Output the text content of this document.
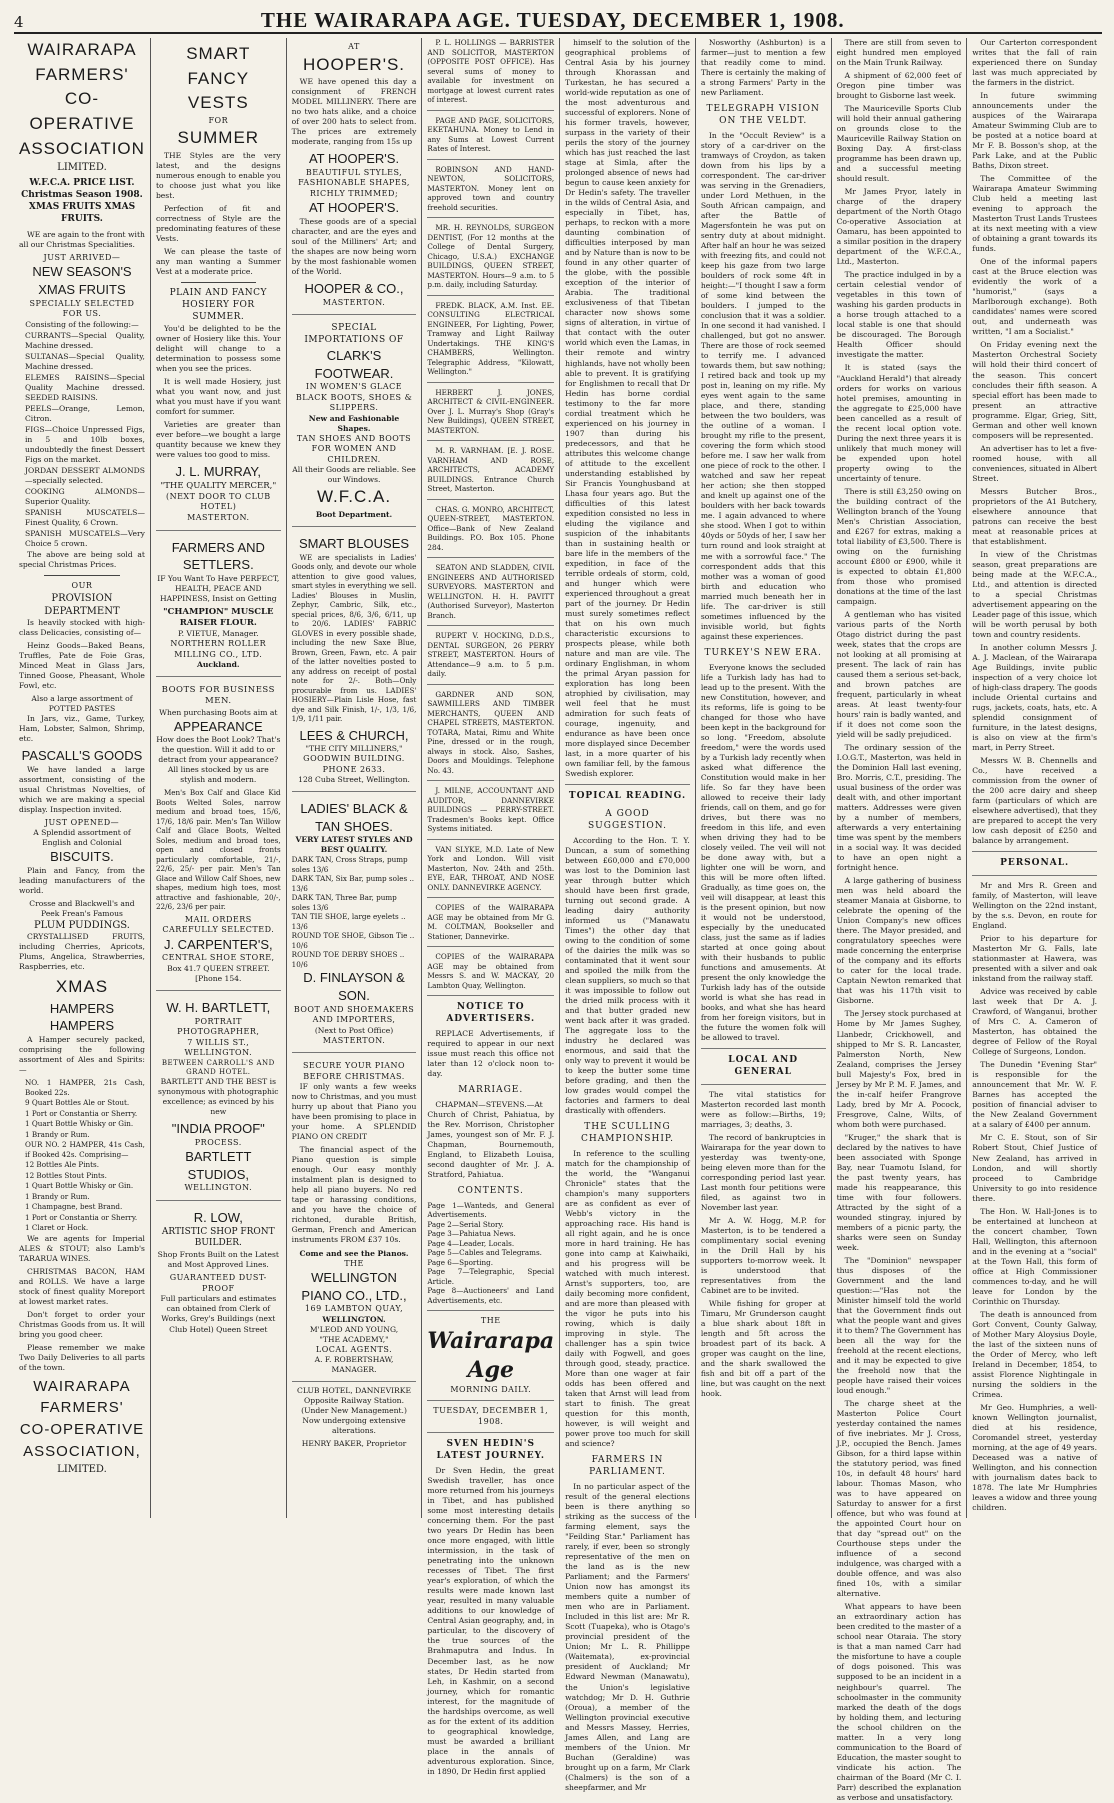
4	THE WAIRARAPA AGE. TUESDAY, DECEMBER 1, 1908.
WAIRARAPA
FARMERS'
CO-OPERATIVE
ASSOCIATION
LIMITED.
W.F.C.A. PRICE LIST.
Christmas Season 1908.
XMAS FRUITS XMAS FRUITS.

WE are again to the front with all our Christmas Specialities.

JUST ARRIVED—
NEW SEASON'S XMAS FRUITS
SPECIALLY SELECTED FOR US.
Consisting of the following:—
CURRANTS—Special Quality, Machine dressed.
SULTANAS—Special Quality, Machine dressed.
ELEMES RAISINS—Special Quality Machine dressed. SEEDED RAISINS.
PEELS—Orange, Lemon, Citron.
FIGS—Choice Unpressed Figs, in 5 and 10lb boxes, undoubtedly the finest Dessert Figs on the market.
JORDAN DESSERT ALMONDS—specially selected.
COOKING ALMONDS—Superior Quality.
SPANISH MUSCATELS—Finest Quality, 6 Crown.
SPANISH MUSCATELS—Very Choice 5 crown.

The above are being sold at special Christmas Prices.

OUR
PROVISION DEPARTMENT

Is heavily stocked with high-class Delicacies, consisting of—

Heinz Goods—Baked Beans, Truffles, Pate de Foie Gras, Minced Meat in Glass Jars, Tinned Goose, Pheasant, Whole Fowl, etc.

Also a large assortment of POTTED PASTES

In Jars, viz., Game, Turkey, Ham, Lobster, Salmon, Shrimp, etc.

PASCALL'S GOODS

We have landed a large assortment, consisting of the usual Christmas Novelties, of which we are making a special display. Inspection invited.

JUST OPENED—
A Splendid assortment of English and Colonial
BISCUITS.

Plain and Fancy, from the leading manufacturers of the world.

Crosse and Blackwell's and Peek Frean's Famous
PLUM PUDDINGS.

CRYSTALLISED FRUITS, including Cherries, Apricots, Plums, Angelica, Strawberries, Raspberries, etc.

XMAS
HAMPERS HAMPERS

A Hamper securely packed, comprising the following assortment of Ales and Spirits:—

NO. 1 HAMPER, 21s Cash, Booked 22s.
9 Quart Bottles Ale or Stout.
1 Port or Constantia or Sherry.
1 Quart Bottle Whisky or Gin.
1 Brandy or Rum.
OUR NO. 2 HAMPER, 41s Cash, if Booked 42s. Comprising—
12 Bottles Ale Pints.
12 Bottles Stout Pints.
1 Quart Bottle Whisky or Gin.
1 Brandy or Rum.
1 Champagne, best Brand.
1 Port or Constantia or Sherry.
1 Claret or Hock.

We are agents for Imperial ALES & STOUT; also Lamb's TARARUA WINES.

CHRISTMAS BACON, HAM and ROLLS. We have a large stock of finest quality Moreport at lowest market rates.

Don't forget to order your Christmas Goods from us. It will bring you good cheer.

Please remember we make Two Daily Deliveries to all parts of the town.

WAIRARAPA
FARMERS'
CO-OPERATIVE
ASSOCIATION,
LIMITED.
SMART
FANCY
VESTS
FOR
SUMMER

THE Styles are the very latest, and the designs numerous enough to enable you to choose just what you like best.

Perfection of fit and correctness of Style are the predominating features of these Vests.

We can please the taste of any man wanting a Summer Vest at a moderate price.

PLAIN AND FANCY
HOSIERY FOR SUMMER.

You'd be delighted to be the owner of Hosiery like this. Your delight will change to a determination to possess some when you see the prices.

It is well made Hosiery, just what you want now, and just what you must have if you want comfort for summer.

Varieties are greater than ever before—we bought a large quantity because we knew they were values too good to miss.

J. L. MURRAY,
"THE QUALITY MERCER,"
(NEXT DOOR TO CLUB HOTEL)
MASTERTON.
FARMERS AND SETTLERS.

IF You Want To Have PERFECT, HEALTH, PEACE AND HAPPINESS, Insist on Getting

"CHAMPION" MUSCLE RAISER FLOUR.
P. VIETUE, Manager.
NORTHERN ROLLER MILLING CO., LTD.
Auckland.
BOOTS FOR BUSINESS MEN.
When purchasing Boots aim at
APPEARANCE

How does the Boot Look? That's the question. Will it add to or detract from your appearance? All lines stocked by us are stylish and modern.

Men's Box Calf and Glace Kid Boots Welted Soles, narrow medium and broad toes, 15/6, 17/6, 18/6 pair. Men's Tan Willow Calf and Glace Boots, Welted Soles, medium and broad toes, open and closed fronts particularly comfortable, 21/-, 22/6, 25/- per pair. Men's Tan Glace and Willow Calf Shoes, new shapes, medium high toes, most attractive and fashionable, 20/-, 22/6, 23/6 per pair.

MAIL ORDERS CAREFULLY SELECTED.
J. CARPENTER'S,
CENTRAL SHOE STORE,
Box 41.7 QUEEN STREET. [Phone 154.
W. H. BARTLETT,
PORTRAIT PHOTOGRAPHER,
7 WILLIS ST., WELLINGTON.
BETWEEN CARROLL'S AND GRAND HOTEL.

BARTLETT AND THE BEST is synonymous with photographic excellence; as evinced by his new

"INDIA PROOF"
PROCESS.
BARTLETT STUDIOS,
WELLINGTON.
R. LOW,
ARTISTIC SHOP FRONT BUILDER.

Shop Fronts Built on the Latest and Most Approved Lines.

GUARANTEED DUST-PROOF

Full particulars and estimates can obtained from Clerk of Works, Grey's Buildings (next Club Hotel) Queen Street

AT
HOOPER'S.

WE have opened this day a consignment of FRENCH MODEL MILLINERY. There are no two hats alike, and a choice of over 200 hats to select from. The prices are extremely moderate, ranging from 15s up

AT HOOPER'S.
BEAUTIFUL STYLES, FASHIONABLE SHAPES, RICHLY TRIMMED;
AT HOOPER'S.

These goods are of a special character, and are the eyes and soul of the Milliners' Art; and the shapes are now being worn by the most fashionable women of the World.

HOOPER & CO.,
MASTERTON.
SPECIAL IMPORTATIONS OF
CLARK'S FOOTWEAR.
IN WOMEN'S GLACE BLACK BOOTS, SHOES & SLIPPERS.
New and Fashionable Shapes.
TAN SHOES AND BOOTS FOR WOMEN AND CHILDREN.
All their Goods are reliable. See our Windows.
W.F.C.A.
Boot Department.
SMART BLOUSES

WE are specialists in Ladies' Goods only, and devote our whole attention to give good values, smart styles in everything we sell. Ladies' Blouses in Muslin, Zephyr, Cambric, Silk, etc., special prices, 8/6, 3/6, 6/11, up to 20/6. LADIES' FABRIC GLOVES in every possible shade, including the new Saxe Blue, Brown, Green, Fawn, etc. A pair of the latter novelties posted to any address on receipt of postal note for 2/-. Both—Only procurable from us. LADIES' HOSIERY—Plain Lisle Hose, fast dye and Silk Finish, 1/-, 1/3, 1/6, 1/9, 1/11 pair.

LEES & CHURCH,
"THE CITY MILLINERS,"
GOODWIN BUILDING. PHONE 2633.
128 Cuba Street, Wellington.
LADIES' BLACK & TAN SHOES.
VERY LATEST STYLES AND BEST QUALITY.
DARK TAN, Cross Straps, pump soles 13/6
DARK TAN, Six Bar, pump soles .. 13/6
DARK TAN, Three Bar, pump soles 13/6
TAN TIE SHOE, large eyelets .. 13/6
ROUND TOE SHOE, Gibson Tie .. 10/6
ROUND TOE DERBY SHOES .. 10/6
D. FINLAYSON & SON.
BOOT AND SHOEMAKERS AND IMPORTERS,
(Next to Post Office)
MASTERTON.
SECURE YOUR PIANO BEFORE CHRISTMAS.

IF only wants a few weeks now to Christmas, and you must hurry up about that Piano you have been promising to place in your home. A SPLENDID PIANO ON CREDIT

The financial aspect of the Piano question is simple enough. Our easy monthly instalment plan is designed to help all piano buyers. No red tape or harassing conditions, and you have the choice of richtoned, durable British, German, French and American instruments FROM £37 10s.

Come and see the Pianos.
THE
WELLINGTON PIANO CO., LTD.,
169 LAMBTON QUAY,
WELLINGTON.
M'LEOD AND YOUNG,
"THE ACADEMY,"
LOCAL AGENTS.
A. F. ROBERTSHAW, MANAGER.

CLUB HOTEL, DANNEVIRKE Opposite Railway Station. (Under New Management.) Now undergoing extensive alterations.

HENRY BAKER, Proprietor

P. L. HOLLINGS — BARRISTER AND SOLICITOR, MASTERTON (OPPOSITE POST OFFICE). Has several sums of money to available for investment on mortgage at lowest current rates of interest.

PAGE AND PAGE, SOLICITORS, EKETAHUNA. Money to Lend in any Sums at Lowest Current Rates of Interest.

ROBINSON AND HAND-NEWTON, SOLICITORS, MASTERTON. Money lent on approved town and country freehold securities.

MR. H. REYNOLDS, SURGEON DENTIST, (For 12 months at the College of Dental Surgery, Chicago, U.S.A.) EXCHANGE BUILDINGS, QUEEN STREET, MASTERTON. Hours—9 a.m. to 5 p.m. daily, including Saturday.

FREDK. BLACK, A.M. Inst. EE. CONSULTING ELECTRICAL ENGINEER, For Lighting, Power, Tramway and Light Railway Undertakings. THE KING'S CHAMBERS, Wellington. Telegraphic Address, "Kilowatt, Wellington."

HERBERT J. JONES, ARCHITECT & CIVIL-ENGINEER. Over J. L. Murray's Shop (Gray's New Buildings), QUEEN STREET, MASTERTON.

M. R. VARNHAM. [E. J. ROSE. VARNHAM AND ROSE, ARCHITECTS, ACADEMY BUILDINGS. Entrance Church Street, Masterton.

CHAS. G. MONRO, ARCHITECT, QUEEN-STREET, MASTERTON. Office—Bank of New Zealand Buildings. P.O. Box 105. Phone 284.

SEATON AND SLADDEN, CIVIL ENGINEERS AND AUTHORISED SURVEYORS. MASTERTON and WELLINGTON. H. H. PAVITT (Authorised Surveyor), Masterton Branch.

RUPERT V. HOCKING, D.D.S., DENTAL SURGEON, 26 PERRY STREET, MASTERTON. Hours of Attendance—9 a.m. to 5 p.m. daily.

GARDNER AND SON, SAWMILLERS AND TIMBER MERCHANTS, QUEEN AND CHAPEL STREETS, MASTERTON. TOTARA, Matai, Rimu and White Pine, dressed or in the rough, always in stock. Also, Sashes, Doors and Mouldings. Telephone No. 43.

J. MILNE, ACCOUNTANT AND AUDITOR, DANNEVIRKE BUILDINGS — PERRY-STREET. Tradesmen's Books kept. Office Systems initiated.

VAN SLYKE, M.D. Late of New York and London. Will visit Masterton, Nov. 24th and 25th. EYE, EAR, THROAT, AND NOSE ONLY. DANNEVIRKE AGENCY.

COPIES of the WAIRARAPA AGE may be obtained from Mr G. M. COLTMAN, Bookseller and Stationer, Dannevirke.

COPIES of the WAIRARAPA AGE may be obtained from Messrs S. and W. MACKAY, 20 Lambton Quay, Wellington.

NOTICE TO ADVERTISERS.

REPLACE Advertisements, if required to appear in our next issue must reach this office not later than 12 o'clock noon to-day.

MARRIAGE.

CHAPMAN—STEVENS.—At Church of Christ, Pahiatua, by the Rev. Morrison, Christopher James, youngest son of Mr. F. J. Chapman, Bournemouth, England, to Elizabeth Louisa, second daughter of Mr. J. A. Stratford, Pahiatua.

CONTENTS.
Page 1—Wanteds, and General Advertisements.
Page 2—Serial Story.
Page 3—Pahiatua News.
Page 4—Leader, Locals.
Page 5—Cables and Telegrams.
Page 6—Sporting.
Page 7—Telegraphic, Special Article.
Page 8—Auctioneers' and Land Advertisements, etc.
THE
Wairarapa Age
MORNING DAILY.
TUESDAY, DECEMBER 1, 1908.
SVEN HEDIN'S LATEST JOURNEY.

Dr Sven Hedin, the great Swedish traveller, has once more returned from his journeys in Tibet, and has published some most interesting details concerning them. For the past two years Dr Hedin has been once more engaged, with little intermission, in the task of penetrating into the unknown recesses of Tibet. The first year's exploration, of which the results were made known last year, resulted in many valuable additions to our knowledge of Central Asian geography, and, in particular, to the discovery of the true sources of the Brahmaputra and Indus. In December last, as he now states, Dr Hedin started from Leh, in Kashmir, on a second journey, which for romantic interest, for the magnitude of the hardships overcome, as well as for the extent of its addition to geographical knowledge, must be awarded a brilliant place in the annals of adventurous exploration. Since, in 1890, Dr Hedin first applied

himself to the solution of the geographical problems of Central Asia by his journey through Khorassan and Turkestan, he has secured a world-wide reputation as one of the most adventurous and successful of explorers. None of his former travels, however, surpass in the variety of their perils the story of the journey which has just reached the last stage at Simla, after the prolonged absence of news had begun to cause keen anxiety for Dr Hedin's safety. The traveller in the wilds of Central Asia, and especially in Tibet, has, perhaps, to reckon with a more daunting combination of difficulties interposed by man and by Nature than is now to be found in any other quarter of the globe, with the possible exception of the interior of Arabia. The traditional exclusiveness of that Tibetan character now shows some signs of alteration, in virtue of that contact with the outer world which even the Lamas, in their remote and wintry highlands, have not wholly been able to prevent. It is gratifying for Englishmen to recall that Dr Hedin has borne cordial testimony to the far more cordial treatment which he experienced on his journey in 1907 than during his predecessors, and that he attributes this welcome change of attitude to the excellent understanding established by Sir Francis Younghusband at Lhasa four years ago. But the difficulties of this latest expedition consisted no less in eluding the vigilance and suspicion of the inhabitants than in sustaining health or bare life in the members of the expedition, in face of the terrible ordeals of storm, cold, and hunger which were experienced throughout a great part of the journey. Dr Hedin must surely sometimes reflect that on his own much characteristic excursions to prospects please, while both nature and man are vile. The ordinary Englishman, in whom the primal Aryan passion for exploration has long been atrophied by civilisation, may well feel that he must admiration for such feats of courage, ingenuity, and endurance as have been once more displayed since December last, in a more quarter of his own familiar fell, by the famous Swedish explorer.

TOPICAL READING.
A GOOD SUGGESTION.

According to the Hon. T. Y. Duncan, a sum of something between £60,000 and £70,000 was lost to the Dominion last year through butter which should have been first grade, turning out second grade. A leading dairy authority informed us ("Manawatu Times") the other day that owing to the condition of some of the dairies the milk was so contaminated that it went sour and spoiled the milk from the clean suppliers, so much so that it was impossible to follow out the dried milk process with it and that butter graded new went back after it was graded. The aggregate loss to the industry he declared was enormous, and said that the only way to prevent it would be to keep the butter some time before grading, and then the low grades would compel the factories and farmers to deal drastically with offenders.

THE SCULLING CHAMPIONSHIP.

In reference to the sculling match for the championship of the world, the "Wanganui Chronicle" states that the champion's many supporters are as confident as ever of Webb's victory in the approaching race. His hand is all right again, and he is once more in hard training. He has gone into camp at Kaiwhaiki, and his progress will be watched with much interest. Arnst's supporters, too, are daily becoming more confident, and are more than pleased with the vigor he puts into his rowing, which is daily improving in style. The challenger has a spin twice daily with Fogwell, and goes through good, steady, practice. More than one wager at fair odds has been offered and taken that Arnst will lead from start to finish. The great question for this month, however, is will weight and power prove too much for skill and science?

FARMERS IN PARLIAMENT.

In no particular aspect of the result of the general elections been is there anything so striking as the success of the farming element, says the "Feilding Star." Parliament has rarely, if ever, been so strongly representative of the men on the land as is the new Parliament; and the Farmers' Union now has amongst its members quite a number of men who are in Parliament. Included in this list are: Mr R. Scott (Tuapeka), who is Otago's provincial president of the Union; Mr L. R. Phillippe (Waitemata), ex-provincial president of Auckland; Mr Edward Newman (Manawatu), the Union's legislative watchdog; Mr D. H. Guthrie (Oroua), a member of the Wellington provincial executive and Messrs Massey, Herries, James Allen, and Lang are members of the Union. Mr Buchan (Geraldine) was brought up on a farm, Mr Clark (Chalmers) is the son of a sheepfarmer, and Mr

Nosworthy (Ashburton) is a farmer—just to mention a few that readily come to mind. There is certainly the making of a strong Farmers' Party in the new Parliament.

TELEGRAPH VISION ON THE VELDT.

In the "Occult Review" is a story of a car-driver on the tramways of Croydon, as taken down from his lips by a correspondent. The car-driver was serving in the Grenadiers, under Lord Methuen, in the South African campaign, and after the Battle of Magersfontein he was put on sentry duty at about midnight. After half an hour he was seized with freezing fits, and could not keep his gaze from two large boulders of rock some 4ft in height:—"I thought I saw a form of some kind between the boulders. I jumped to the conclusion that it was a soldier. In one second it had vanished. I challenged, but got no answer. There are those of rock seemed to terrify me. I advanced towards them, but saw nothing; I retired back and took up my post in, leaning on my rifle. My eyes went again to the same place, and there, standing between the two boulders, was the outline of a woman. I brought my rifle to the present, covering the form which stood before me. I saw her walk from one piece of rock to the other. I watched and saw her repeat her action; she then stopped and knelt up against one of the boulders with her back towards me. I again advanced to where she stood. When I got to within 40yds or 50yds of her, I saw her turn round and look straight at me with a sorrowful face." The correspondent adds that this mother was a woman of good birth and education who married much beneath her in life. The car-driver is still sometimes influenced by the invisible world, but fights against these experiences.

TURKEY'S NEW ERA.

Everyone knows the secluded life a Turkish lady has had to lead up to the present. With the new Constitution, however, and its reforms, life is going to be changed for those who have been kept in the background for so long. "Freedom, absolute freedom," were the words used by a Turkish lady recently when asked what difference the Constitution would make in her life. So far they have been allowed to receive their lady friends, call on them, and go for drives, but there was no freedom in this life, and even when driving they had to be closely veiled. The veil will not be done away with, but a lighter one will be worn, and this will be more often lifted. Gradually, as time goes on, the veil will disappear, at least this is the present opinion, but now it would not be understood, especially by the uneducated class, just the same as if ladies started at once going about with their husbands to public functions and amusements. At present the only knowledge the Turkish lady has of the outside world is what she has read in books, and what she has heard from her foreign visitors, but in the future the women folk will be allowed to travel.

LOCAL AND GENERAL

The vital statistics for Masterton recorded last month were as follow:—Births, 19; marriages, 3; deaths, 3.

The record of bankruptcies in Wairarapa for the year down to yesterday was twenty-one, being eleven more than for the corresponding period last year. Last month four petitions were filed, as against two in November last year.

Mr A. W. Hogg, M.P. for Masterton, is to be tendered a complimentary social evening in the Drill Hall by his supporters to-morrow week. It is understood that representatives from the Cabinet are to be invited.

While fishing for groper at Timaru, Mr Grunderson caught a blue shark about 18ft in length and 5ft across the broadest part of its back. A groper was caught on the line, and the shark swallowed the fish and bit off a part of the line, but was caught on the next hook.

There are still from seven to eight hundred men employed on the Main Trunk Railway.

A shipment of 62,000 feet of Oregon pine timber was brought to Gisborne last week.

The Mauriceville Sports Club will hold their annual gathering on grounds close to the Mauriceville Railway Station on Boxing Day. A first-class programme has been drawn up, and a successful meeting should result.

Mr James Pryor, lately in charge of the drapery department of the North Otago Co-operative Association at Oamaru, has been appointed to a similar position in the drapery department of the W.F.C.A., Ltd., Masterton.

The practice indulged in by a certain celestial vendor of vegetables in this town of washing his garden products in a horse trough attached to a local stable is one that should be discouraged. The Borough Health Officer should investigate the matter.

It is stated (says the "Auckland Herald") that already orders for works on various hotel premises, amounting in the aggregate to £25,000 have been cancelled as a result of the recent local option vote. During the next three years it is unlikely that much money will be expended upon hotel property owing to the uncertainty of tenure.

There is still £3,250 owing on the building contract of the Wellington branch of the Young Men's Christian Association, and £267 for extras, making a total liability of £3,500. There is owing on the furnishing account £800 or £900, while it is expected to obtain £1,800 from those who promised donations at the time of the last campaign.

A gentleman who has visited various parts of the North Otago district during the past week, states that the crops are not looking at all promising at present. The lack of rain has caused them a serious set-back, and brown patches are frequent, particularly in wheat areas. At least twenty-four hours' rain is badly wanted, and if it does not come soon the yield will be sadly prejudiced.

The ordinary session of the I.O.G.T., Masterton, was held in the Dominion Hall last evening, Bro. Morris, C.T., presiding. The usual business of the order was dealt with, and other important matters. Addresses were given by a number of members, afterwards a very entertaining time was spent by the members in a social way. It was decided to have an open night a fortnight hence.

A large gathering of business men was held aboard the steamer Manaia at Gisborne, to celebrate the opening of the Union Company's new offices there. The Mayor presided, and congratulatory speeches were made concerning the enterprise of the company and its efforts to cater for the local trade. Captain Newton remarked that that was his 117th visit to Gisborne.

The Jersey stock purchased at Home by Mr James Sughey, Llanbedr, Crickhowell, and shipped to Mr S. R. Lancaster, Palmerston North, New Zealand, comprises the Jersey bull Majesty's Fox, bred in Jersey by Mr P. M. F. James, and the in-calf heifer Frangrove Lady, bred by Mr A. Pocock, Fresgrove, Calne, Wilts, of whom both were purchased.

"Kruger," the shark that is declared by the natives to have been associated with Sponge Bay, near Tuamotu Island, for the past twenty years, has made his reappearance, this time with four followers. Attracted by the sight of a wounded stingray, injured by members of a picnic party, the sharks were seen on Sunday week.

The "Dominion" newspaper thus disposes of the Government and the land question:—"Has not the Minister himself told the world that the Government finds out what the people want and gives it to them? The Government has been all the way for the freehold at the recent elections, and it may be expected to give the freehold now that the people have raised their voices loud enough."

The charge sheet at the Masterton Police Court yesterday contained the names of five inebriates. Mr J. Cross, J.P., occupied the Bench. James Gibson, for a third lapse within the statutory period, was fined 10s, in default 48 hours' hard labour. Thomas Mason, who was to have appeared on Saturday to answer for a first offence, but who was found at the appointed Court hour on that day "spread out" on the Courthouse steps under the influence of a second indulgence, was charged with a double offence, and was also fined 10s, with a similar alternative.

What appears to have been an extraordinary action has been credited to the master of a school near Otaraia. The story is that a man named Carr had the misfortune to have a couple of dogs poisoned. This was supposed to be an incident in a neighbour's quarrel. The schoolmaster in the community marked the death of the dogs by holding them, and lecturing the school children on the matter. In a very long communication to the Board of Education, the master sought to vindicate his action. The chairman of the Board (Mr C. I. Parr) described the explanation as verbose and unsatisfactory.

Our Carterton correspondent writes that the fall of rain experienced there on Sunday last was much appreciated by the farmers in the district.

In future swimming announcements under the auspices of the Wairarapa Amateur Swimming Club are to be posted at a notice board at Mr F. B. Bosson's shop, at the Park Lake, and at the Public Baths, Dixon street.

The Committee of the Wairarapa Amateur Swimming Club held a meeting last evening to approach the Masterton Trust Lands Trustees at its next meeting with a view of obtaining a grant towards its funds.

One of the informal papers cast at the Bruce election was evidently the work of a "humorist," (says a Marlborough exchange). Both candidates' names were scored out, and underneath was written, "I am a Socialist."

On Friday evening next the Masterton Orchestral Society will hold their third concert of the season. This concert concludes their fifth season. A special effort has been made to present an attractive programme. Elgar, Grieg, Sitt, German and other well known composers will be represented.

An advertiser has to let a five-roomed house, with all conveniences, situated in Albert Street.

Messrs Butcher Bros., proprietors of the A1 Butchery, elsewhere announce that patrons can receive the best meat at reasonable prices at that establishment.

In view of the Christmas season, great preparations are being made at the W.F.C.A., Ltd., and attention is directed to a special Christmas advertisement appearing on the Leader page of this issue, which will be worth perusal by both town and country residents.

In another column Messrs J. A. J. Maclean, of the Wairarapa Age Buildings, invite public inspection of a very choice lot of high-class drapery. The goods include Oriental curtains and rugs, jackets, coats, hats, etc. A splendid consignment of furniture, in the latest designs, is also on view at the firm's mart, in Perry Street.

Messrs W. B. Chennells and Co., have received a commission from the owner of the 200 acre dairy and sheep farm (particulars of which are elsewhere advertised), that they are prepared to accept the very low cash deposit of £250 and balance by arrangement.

PERSONAL.

Mr and Mrs R. Green and family, of Masterton, will leave Wellington on the 22nd instant, by the s.s. Devon, en route for England.

Prior to his departure for Masterton Mr G. Falls, late stationmaster at Hawera, was presented with a silver and oak inkstand from the railway staff.

Advice was received by cable last week that Dr A. J. Crawford, of Wanganui, brother of Mrs C. A. Cameron of Masterton, has obtained the degree of Fellow of the Royal College of Surgeons, London.

The Dunedin "Evening Star" is responsible for the announcement that Mr. W. F. Barnes has accepted the position of financial adviser to the New Zealand Government at a salary of £400 per annum.

Mr C. E. Stout, son of Sir Robert Stout, Chief Justice of New Zealand, has arrived in London, and will shortly proceed to Cambridge University to go into residence there.

The Hon. W. Hall-Jones is to be entertained at luncheon at the concert chamber, Town Hall, Wellington, this afternoon and in the evening at a "social" at the Town Hall, this form of office at High Commissioner commences to-day, and he will leave for London by the Corinthic on Thursday.

The death is announced from Gort Convent, County Galway, of Mother Mary Aloysius Doyle, the last of the sixteen nuns of the Order of Mercy, who left Ireland in December, 1854, to assist Florence Nightingale in nursing the soldiers in the Crimea.

Mr Geo. Humphries, a well-known Wellington journalist, died at his residence, Coromandel street, yesterday morning, at the age of 49 years. Deceased was a native of Wellington, and his connection with journalism dates back to 1878. The late Mr Humphries leaves a widow and three young children.
